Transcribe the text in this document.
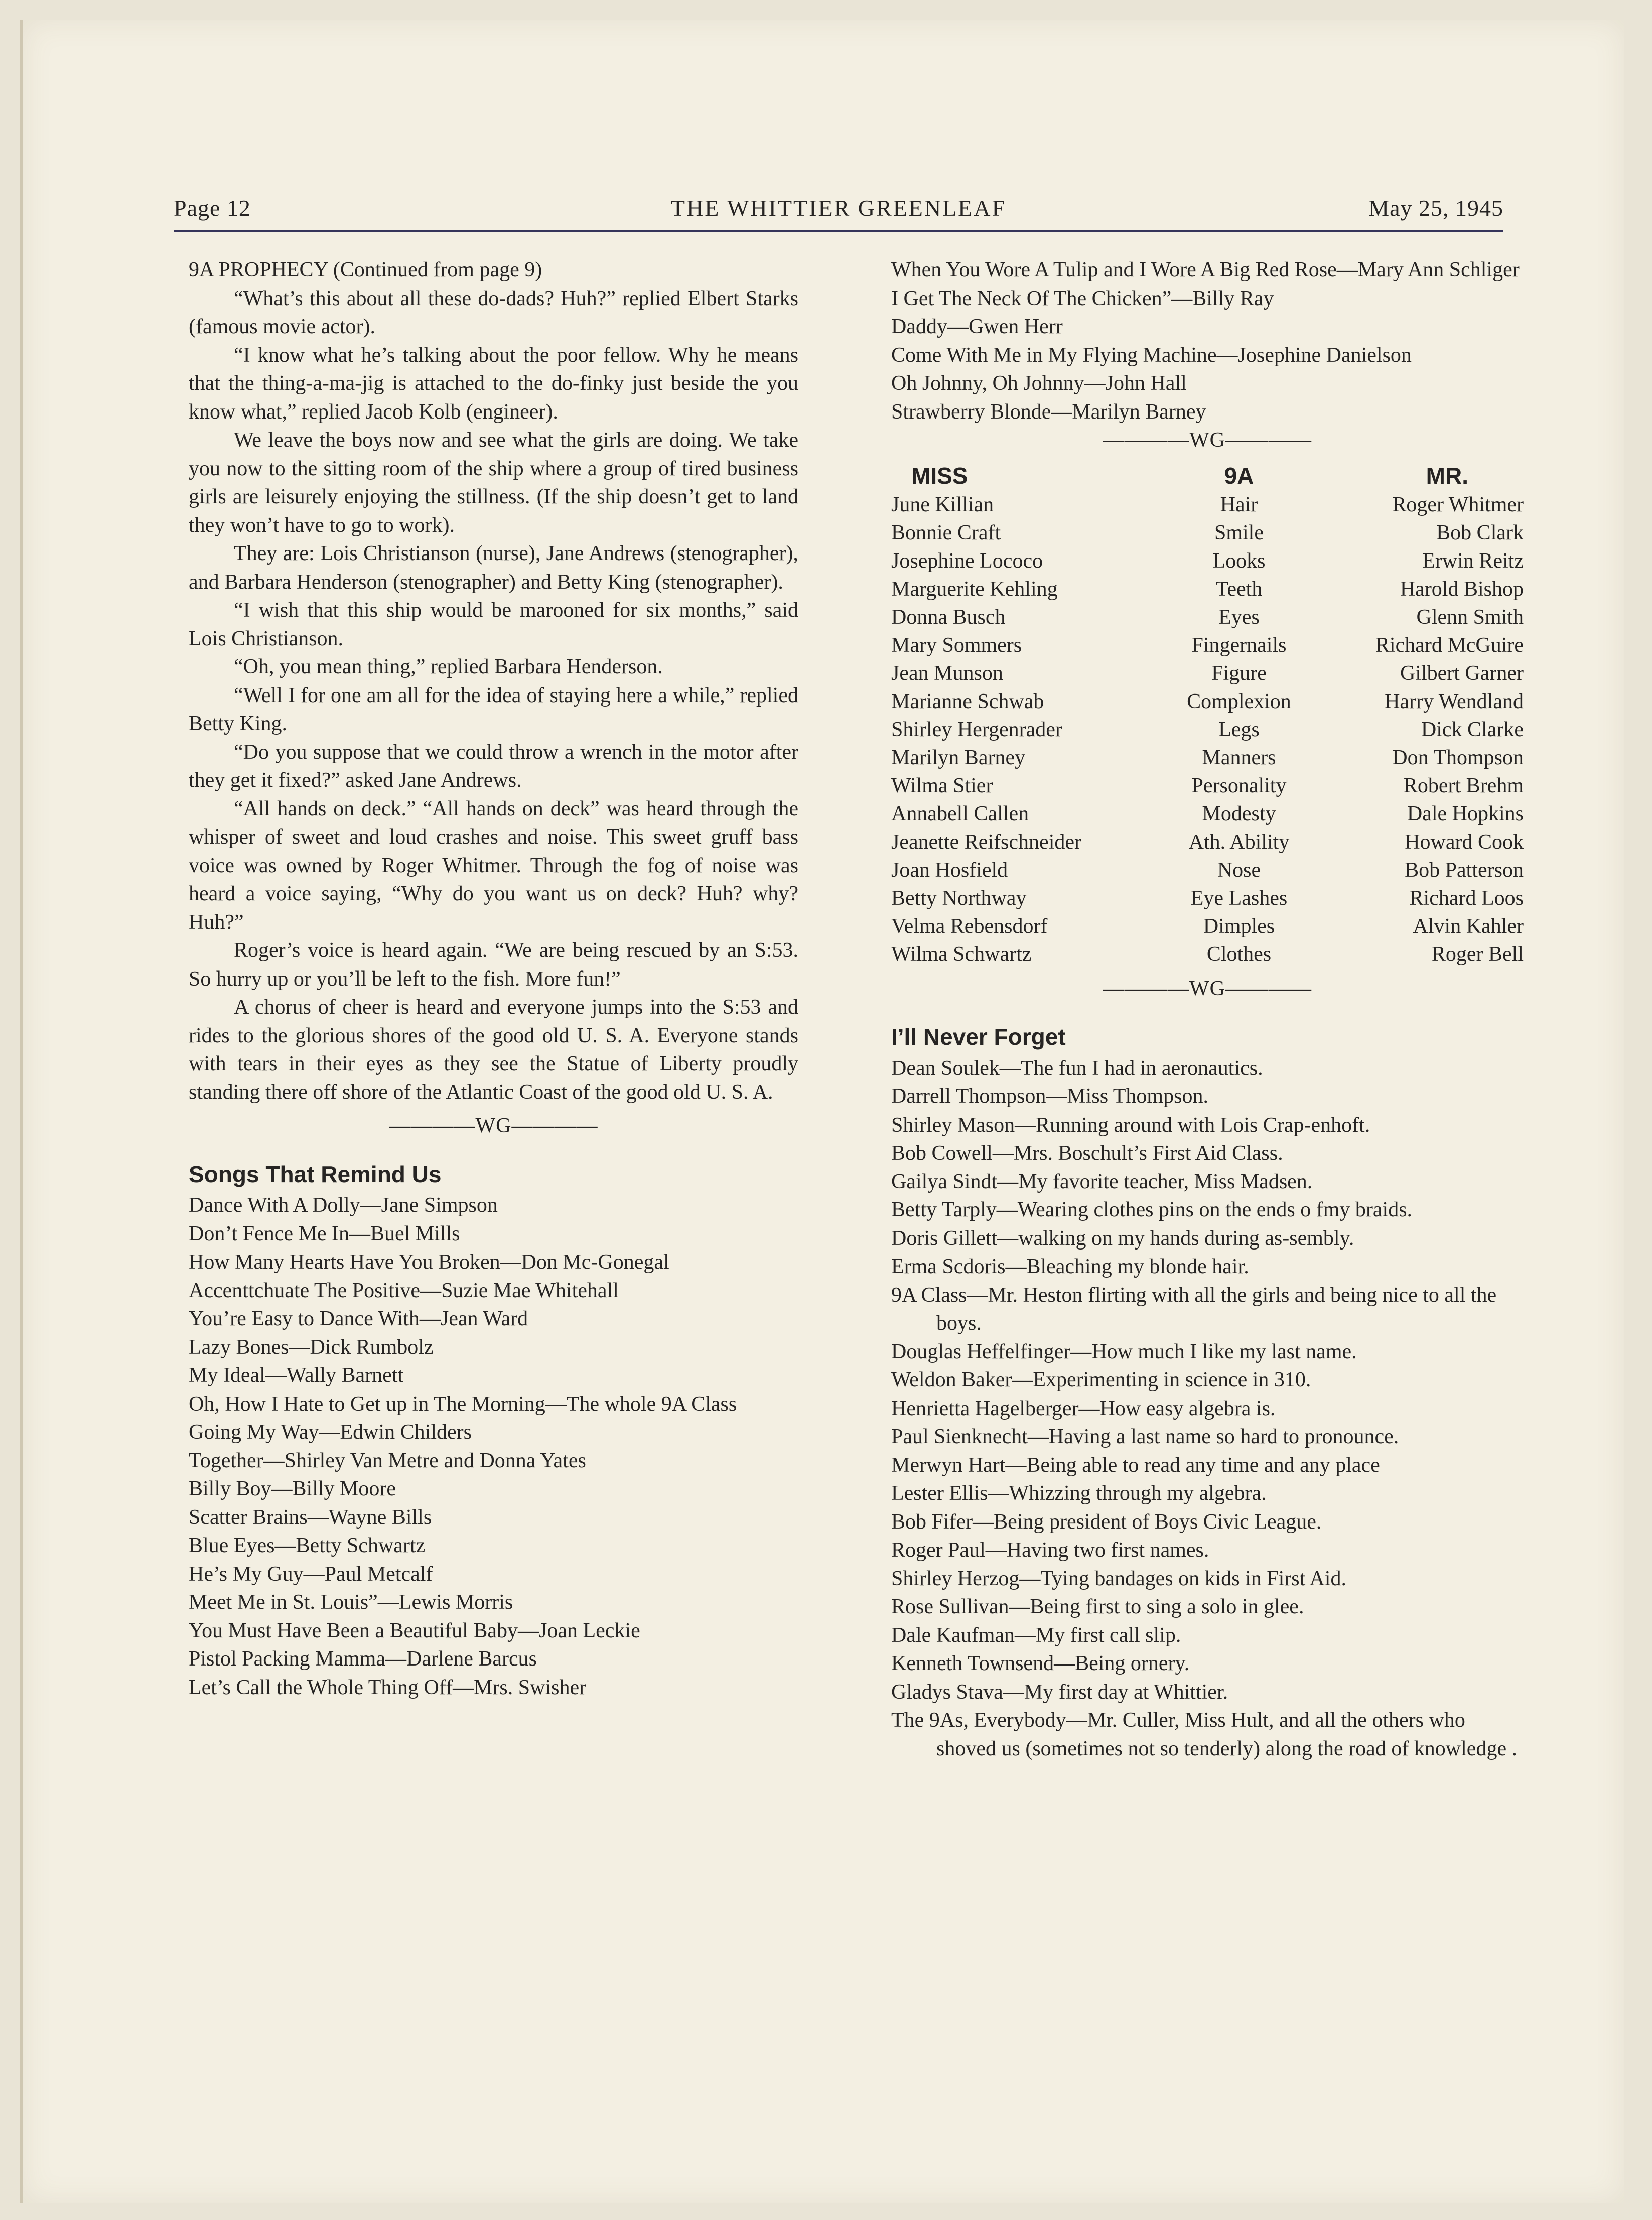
Page 12	THE WHITTIER GREENLEAF	May 25, 1945

9A PROPHECY (Continued from page 9)

“What’s this about all these do-dads? Huh?” replied Elbert Starks (famous movie actor).

“I know what he’s talking about the poor fellow. Why he means that the thing-a-ma-jig is attached to the do-finky just beside the you know what,” replied Jacob Kolb (engineer).

We leave the boys now and see what the girls are doing. We take you now to the sitting room of the ship where a group of tired business girls are leisurely enjoying the stillness. (If the ship doesn’t get to land they won’t have to go to work).

They are: Lois Christianson (nurse), Jane Andrews (stenographer), and Barbara Henderson (stenographer) and Betty King (stenographer).

“I wish that this ship would be marooned for six months,” said Lois Christianson.

“Oh, you mean thing,” replied Barbara Henderson.

“Well I for one am all for the idea of staying here a while,” replied Betty King.

“Do you suppose that we could throw a wrench in the motor after they get it fixed?” asked Jane Andrews.

“All hands on deck.” “All hands on deck” was heard through the whisper of sweet and loud crashes and noise. This sweet gruff bass voice was owned by Roger Whitmer. Through the fog of noise was heard a voice saying, “Why do you want us on deck? Huh? why? Huh?”

Roger’s voice is heard again. “We are being rescued by an S:53. So hurry up or you’ll be left to the fish. More fun!”

A chorus of cheer is heard and everyone jumps into the S:53 and rides to the glorious shores of the good old U. S. A. Everyone stands with tears in their eyes as they see the Statue of Liberty proudly standing there off shore of the Atlantic Coast of the good old U. S. A.

————WG————

Songs That Remind Us

Dance With A Dolly—Jane Simpson

Don’t Fence Me In—Buel Mills

How Many Hearts Have You Broken—Don Mc-Gonegal

Accenttchuate The Positive—Suzie Mae Whitehall

You’re Easy to Dance With—Jean Ward

Lazy Bones—Dick Rumbolz

My Ideal—Wally Barnett

Oh, How I Hate to Get up in The Morning—The whole 9A Class

Going My Way—Edwin Childers

Together—Shirley Van Metre and Donna Yates

Billy Boy—Billy Moore

Scatter Brains—Wayne Bills

Blue Eyes—Betty Schwartz

He’s My Guy—Paul Metcalf

Meet Me in St. Louis”—Lewis Morris

You Must Have Been a Beautiful Baby—Joan Leckie

Pistol Packing Mamma—Darlene Barcus

Let’s Call the Whole Thing Off—Mrs. Swisher

When You Wore A Tulip and I Wore A Big Red Rose—Mary Ann Schliger

I Get The Neck Of The Chicken”—Billy Ray

Daddy—Gwen Herr

Come With Me in My Flying Machine—Josephine Danielson

Oh Johnny, Oh Johnny—John Hall

Strawberry Blonde—Marilyn Barney

————WG————

MISS	9A	MR.
June Killian	Hair	Roger Whitmer
Bonnie Craft	Smile	Bob Clark
Josephine Lococo	Looks	Erwin Reitz
Marguerite Kehling	Teeth	Harold Bishop
Donna Busch	Eyes	Glenn Smith
Mary Sommers	Fingernails	Richard McGuire
Jean Munson	Figure	Gilbert Garner
Marianne Schwab	Complexion	Harry Wendland
Shirley Hergenrader	Legs	Dick Clarke
Marilyn Barney	Manners	Don Thompson
Wilma Stier	Personality	Robert Brehm
Annabell Callen	Modesty	Dale Hopkins
Jeanette Reifschneider	Ath. Ability	Howard Cook
Joan Hosfield	Nose	Bob Patterson
Betty Northway	Eye Lashes	Richard Loos
Velma Rebensdorf	Dimples	Alvin Kahler
Wilma Schwartz	Clothes	Roger Bell

————WG————

I’ll Never Forget

Dean Soulek—The fun I had in aeronautics.

Darrell Thompson—Miss Thompson.

Shirley Mason—Running around with Lois Crap-enhoft.

Bob Cowell—Mrs. Boschult’s First Aid Class.

Gailya Sindt—My favorite teacher, Miss Madsen.

Betty Tarply—Wearing clothes pins on the ends o fmy braids.

Doris Gillett—walking on my hands during as-sembly.

Erma Scdoris—Bleaching my blonde hair.

9A Class—Mr. Heston flirting with all the girls and being nice to all the boys.

Douglas Heffelfinger—How much I like my last name.

Weldon Baker—Experimenting in science in 310.

Henrietta Hagelberger—How easy algebra is.

Paul Sienknecht—Having a last name so hard to pronounce.

Merwyn Hart—Being able to read any time and any place

Lester Ellis—Whizzing through my algebra.

Bob Fifer—Being president of Boys Civic League.

Roger Paul—Having two first names.

Shirley Herzog—Tying bandages on kids in First Aid.

Rose Sullivan—Being first to sing a solo in glee.

Dale Kaufman—My first call slip.

Kenneth Townsend—Being ornery.

Gladys Stava—My first day at Whittier.

The 9As, Everybody—Mr. Culler, Miss Hult, and all the others who shoved us (sometimes not so tenderly) along the road of knowledge .
